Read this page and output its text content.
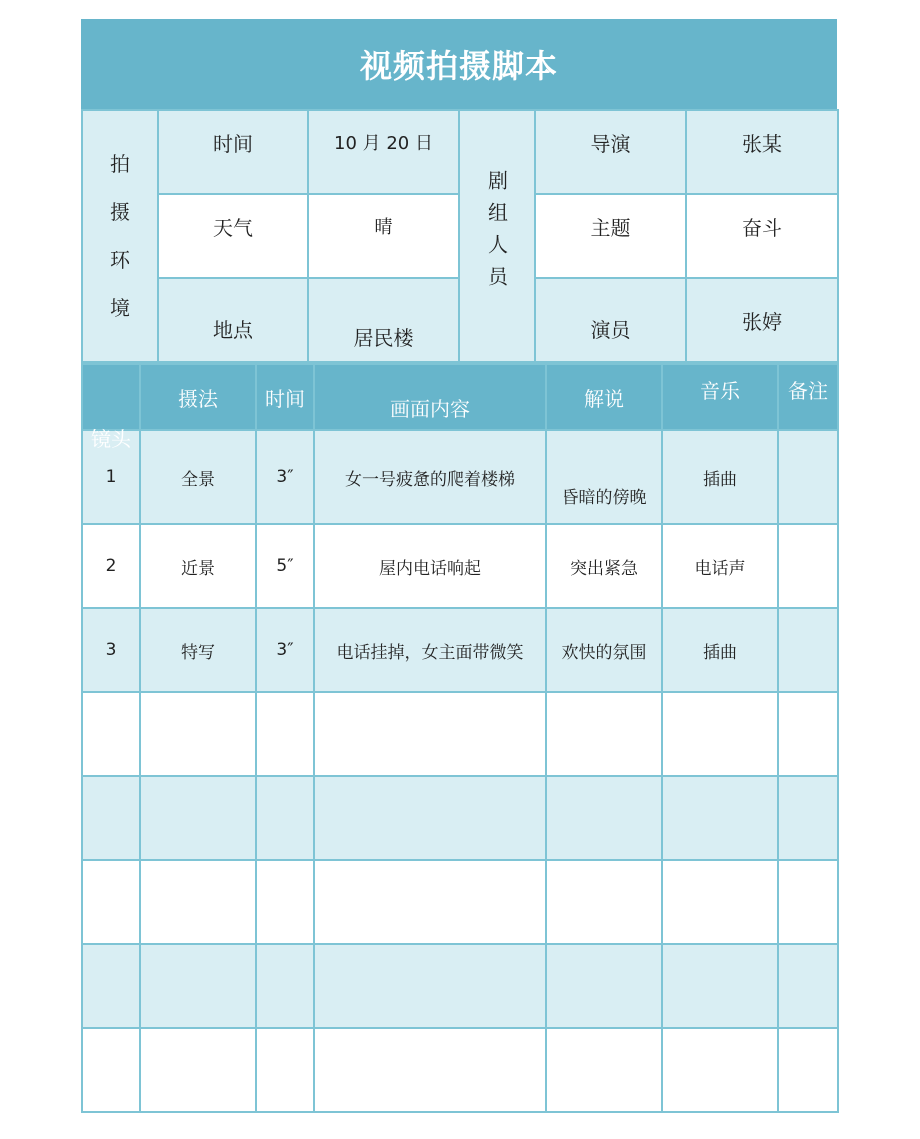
视频拍摄脚本
拍
摄
环
境	时间	10 月 20 日	剧组人员	导演	张某
	天气	晴		主题	奋斗
	地点	居民楼		演员	张婷
镜头	摄法	时间	画面内容	解说	音乐	备注
1	全景	3″	女一号疲惫的爬着楼梯	昏暗的傍晚	插曲	
2	近景	5″	屋内电话响起	突出紧急	电话声	
3	特写	3″	电话挂掉，女主面带微笑	欢快的氛围	插曲	
